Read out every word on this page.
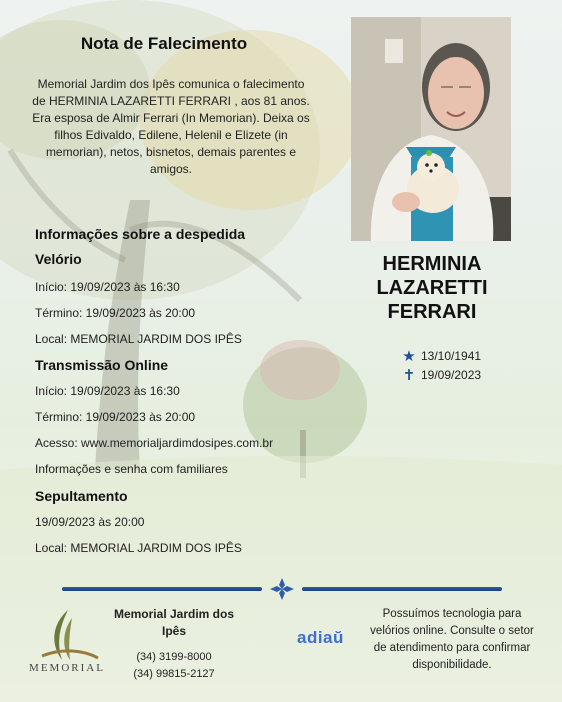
Nota de Falecimento

Memorial Jardim dos Ipês comunica o falecimento de HERMINIA LAZARETTI FERRARI , aos 81 anos. Era esposa de Almir Ferrari (In Memorian). Deixa os filhos Edivaldo, Edilene, Helenil e Elizete (in memorian), netos, bisnetos, demais parentes e amigos.

Informações sobre a despedida
Velório
Início: 19/09/2023 às 16:30
Término: 19/09/2023 às 20:00
Local: MEMORIAL JARDIM DOS IPÊS
Transmissão Online
Início: 19/09/2023 às 16:30
Término: 19/09/2023 às 20:00
Acesso: www.memorialjardimdosipes.com.br
Informações e senha com familiares
Sepultamento
19/09/2023 às 20:00
Local: MEMORIAL JARDIM DOS IPÊS
HERMINIA
LAZARETTI
FERRARI
★ 13/10/1941
✝ 19/09/2023
MEMORIAL
Memorial Jardim dos
Ipês
(34) 3199-8000
(34) 99815-2127
adiaŭ
Possuímos tecnologia para velórios online. Consulte o setor de atendimento para confirmar disponibilidade.
